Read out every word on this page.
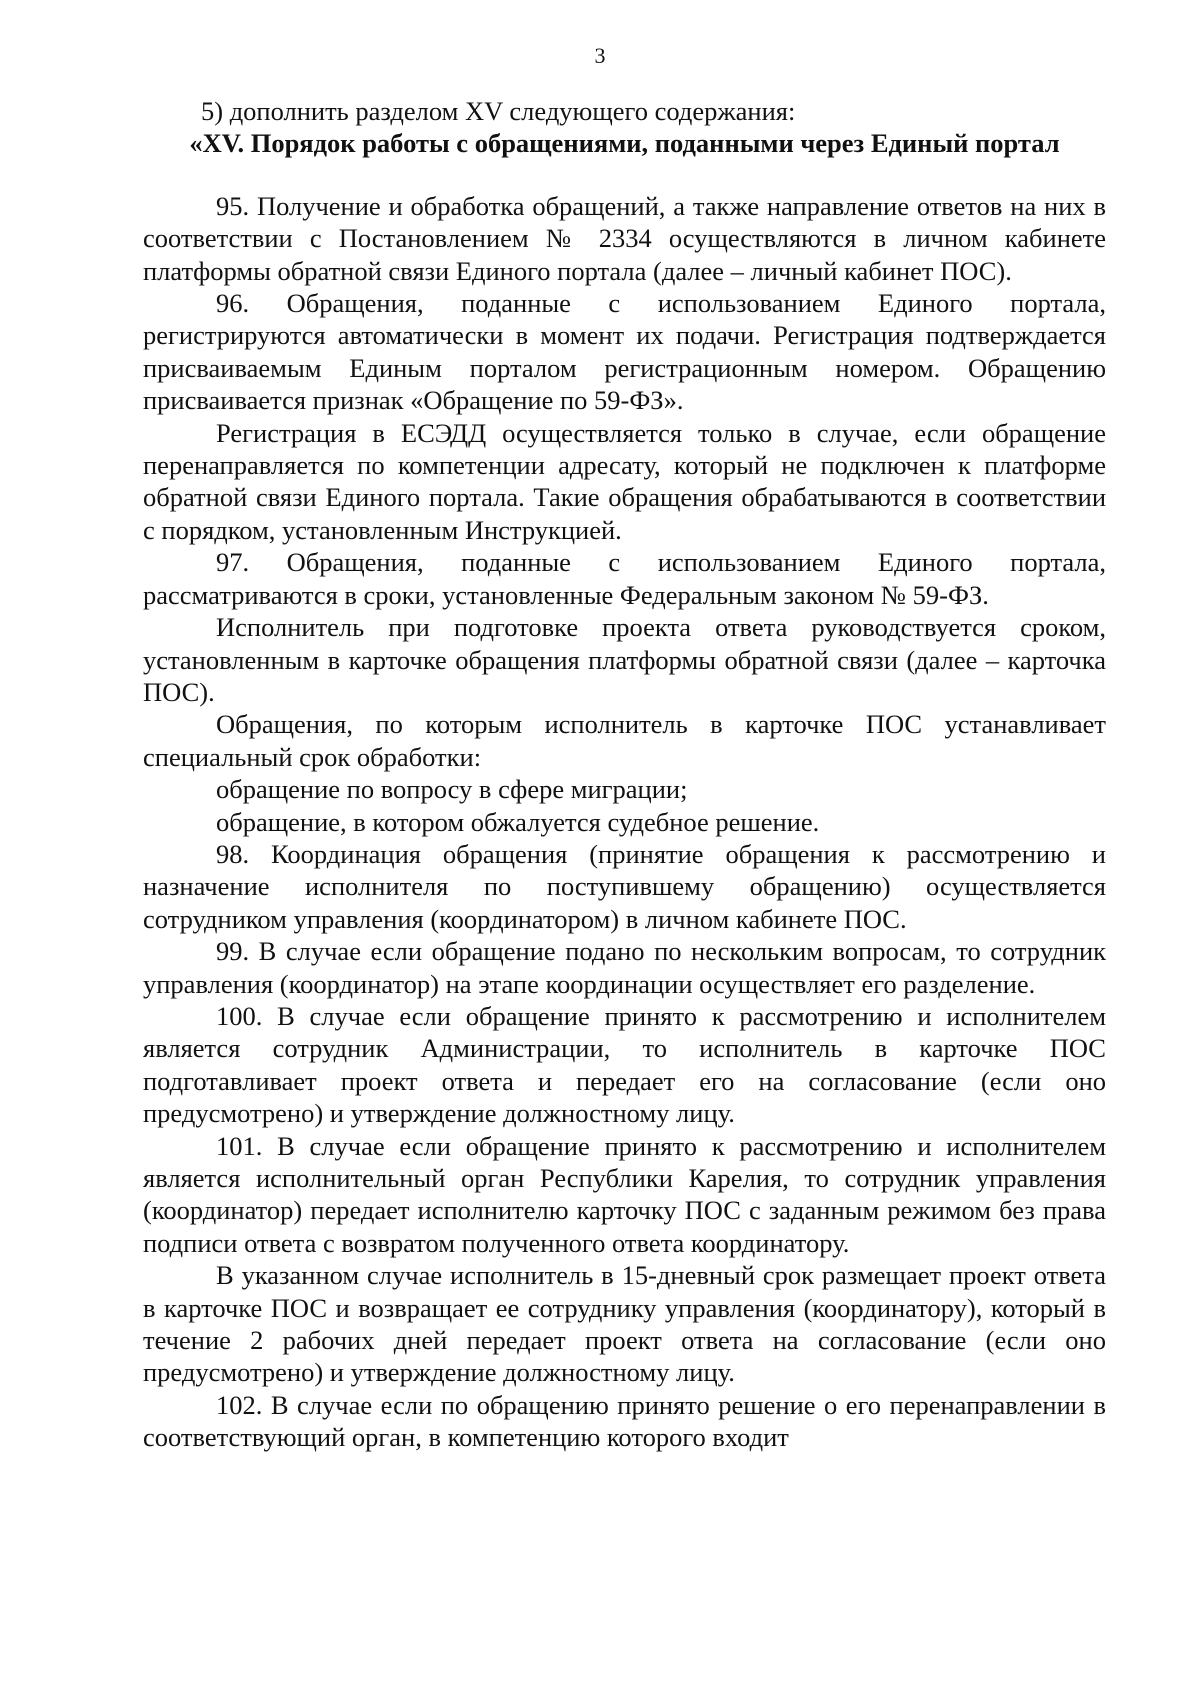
3

5) дополнить разделом XV следующего содержания:

«XV. Порядок работы с обращениями, поданными через Единый портал

95. Получение и обработка обращений, а также направление ответов на них в соответствии с Постановлением № 2334 осуществляются в личном кабинете платформы обратной связи Единого портала (далее – личный кабинет ПОС).

96. Обращения, поданные с использованием Единого портала, регистрируются автоматически в момент их подачи. Регистрация подтверждается присваиваемым Единым порталом регистрационным номером. Обращению присваивается признак «Обращение по 59-ФЗ».

Регистрация в ЕСЭДД осуществляется только в случае, если обращение перенаправляется по компетенции адресату, который не подключен к платформе обратной связи Единого портала. Такие обращения обрабатываются в соответствии с порядком, установленным Инструкцией.

97. Обращения, поданные с использованием Единого портала, рассматриваются в сроки, установленные Федеральным законом № 59-ФЗ.

Исполнитель при подготовке проекта ответа руководствуется сроком, установленным в карточке обращения платформы обратной связи (далее – карточка ПОС).

Обращения, по которым исполнитель в карточке ПОС устанавливает специальный срок обработки:

обращение по вопросу в сфере миграции;

обращение, в котором обжалуется судебное решение.

98. Координация обращения (принятие обращения к рассмотрению и назначение исполнителя по поступившему обращению) осуществляется сотрудником управления (координатором) в личном кабинете ПОС.

99. В случае если обращение подано по нескольким вопросам, то сотрудник управления (координатор) на этапе координации осуществляет его разделение.

100. В случае если обращение принято к рассмотрению и исполнителем является сотрудник Администрации, то исполнитель в карточке ПОС подготавливает проект ответа и передает его на согласование (если оно предусмотрено) и утверждение должностному лицу.

101. В случае если обращение принято к рассмотрению и исполнителем является исполнительный орган Республики Карелия, то сотрудник управления (координатор) передает исполнителю карточку ПОС с заданным режимом без права подписи ответа с возвратом полученного ответа координатору.

В указанном случае исполнитель в 15-дневный срок размещает проект ответа в карточке ПОС и возвращает ее сотруднику управления (координатору), который в течение 2 рабочих дней передает проект ответа на согласование (если оно предусмотрено) и утверждение должностному лицу.

102. В случае если по обращению принято решение о его перенаправлении в соответствующий орган, в компетенцию которого входит
